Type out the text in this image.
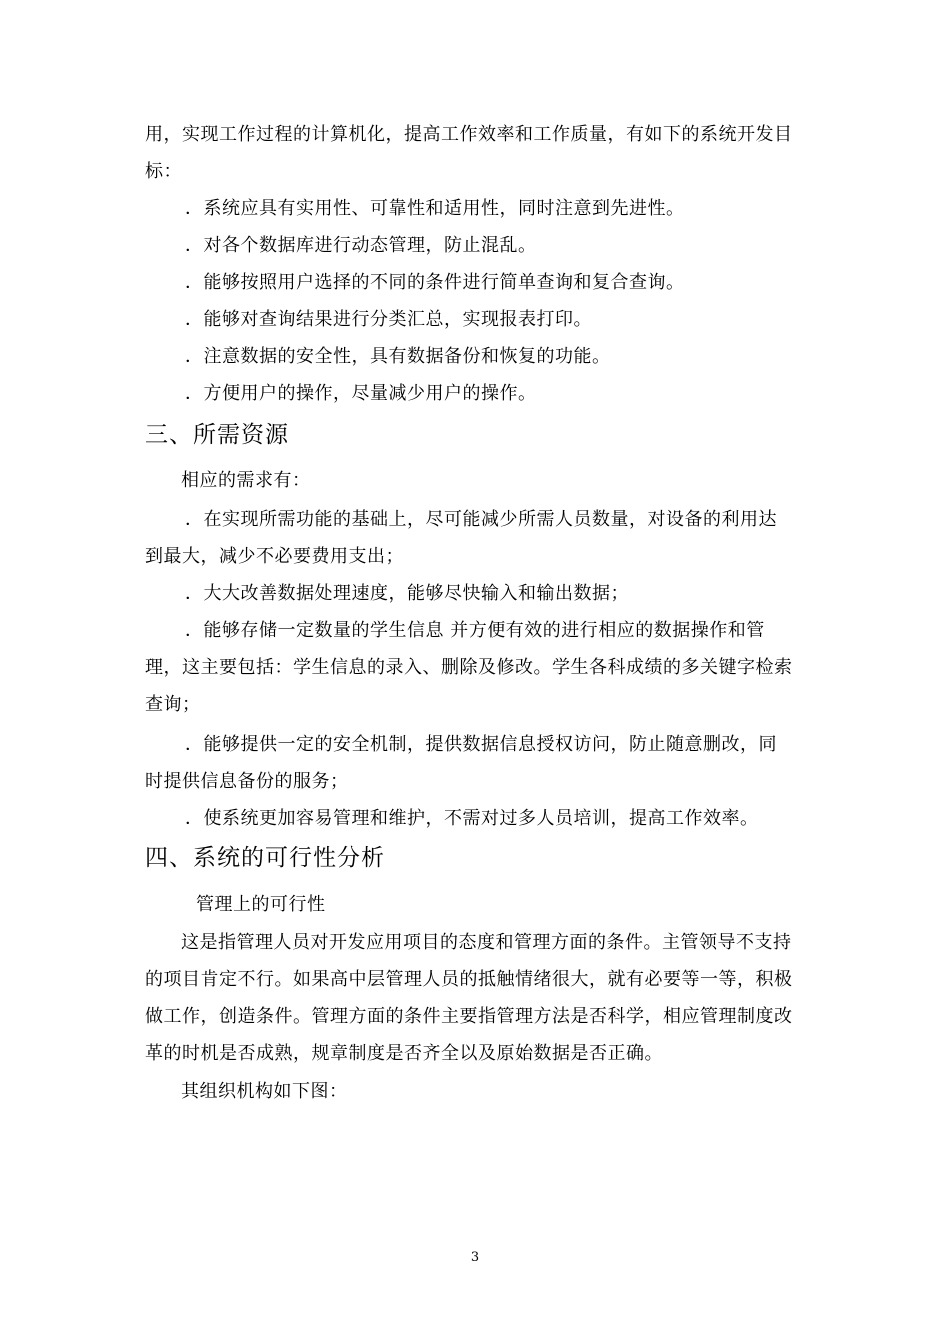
用，实现工作过程的计算机化，提高工作效率和工作质量，有如下的系统开发目
标：
．系统应具有实用性、可靠性和适用性，同时注意到先进性。
．对各个数据库进行动态管理，防止混乱。
．能够按照用户选择的不同的条件进行简单查询和复合查询。
．能够对查询结果进行分类汇总，实现报表打印。
．注意数据的安全性，具有数据备份和恢复的功能。
．方便用户的操作，尽量减少用户的操作。
三、所需资源
相应的需求有：
．在实现所需功能的基础上，尽可能减少所需人员数量，对设备的利用达
到最大，减少不必要费用支出；
．大大改善数据处理速度，能够尽快输入和输出数据；
．能够存储一定数量的学生信息 并方便有效的进行相应的数据操作和管
理，这主要包括：学生信息的录入、删除及修改。学生各科成绩的多关键字检索
查询；
．能够提供一定的安全机制，提供数据信息授权访问，防止随意删改，同
时提供信息备份的服务；
．使系统更加容易管理和维护，不需对过多人员培训，提高工作效率。
四、系统的可行性分析
管理上的可行性
这是指管理人员对开发应用项目的态度和管理方面的条件。主管领导不支持
的项目肯定不行。如果高中层管理人员的抵触情绪很大，就有必要等一等，积极
做工作，创造条件。管理方面的条件主要指管理方法是否科学，相应管理制度改
革的时机是否成熟，规章制度是否齐全以及原始数据是否正确。
其组织机构如下图：
3
